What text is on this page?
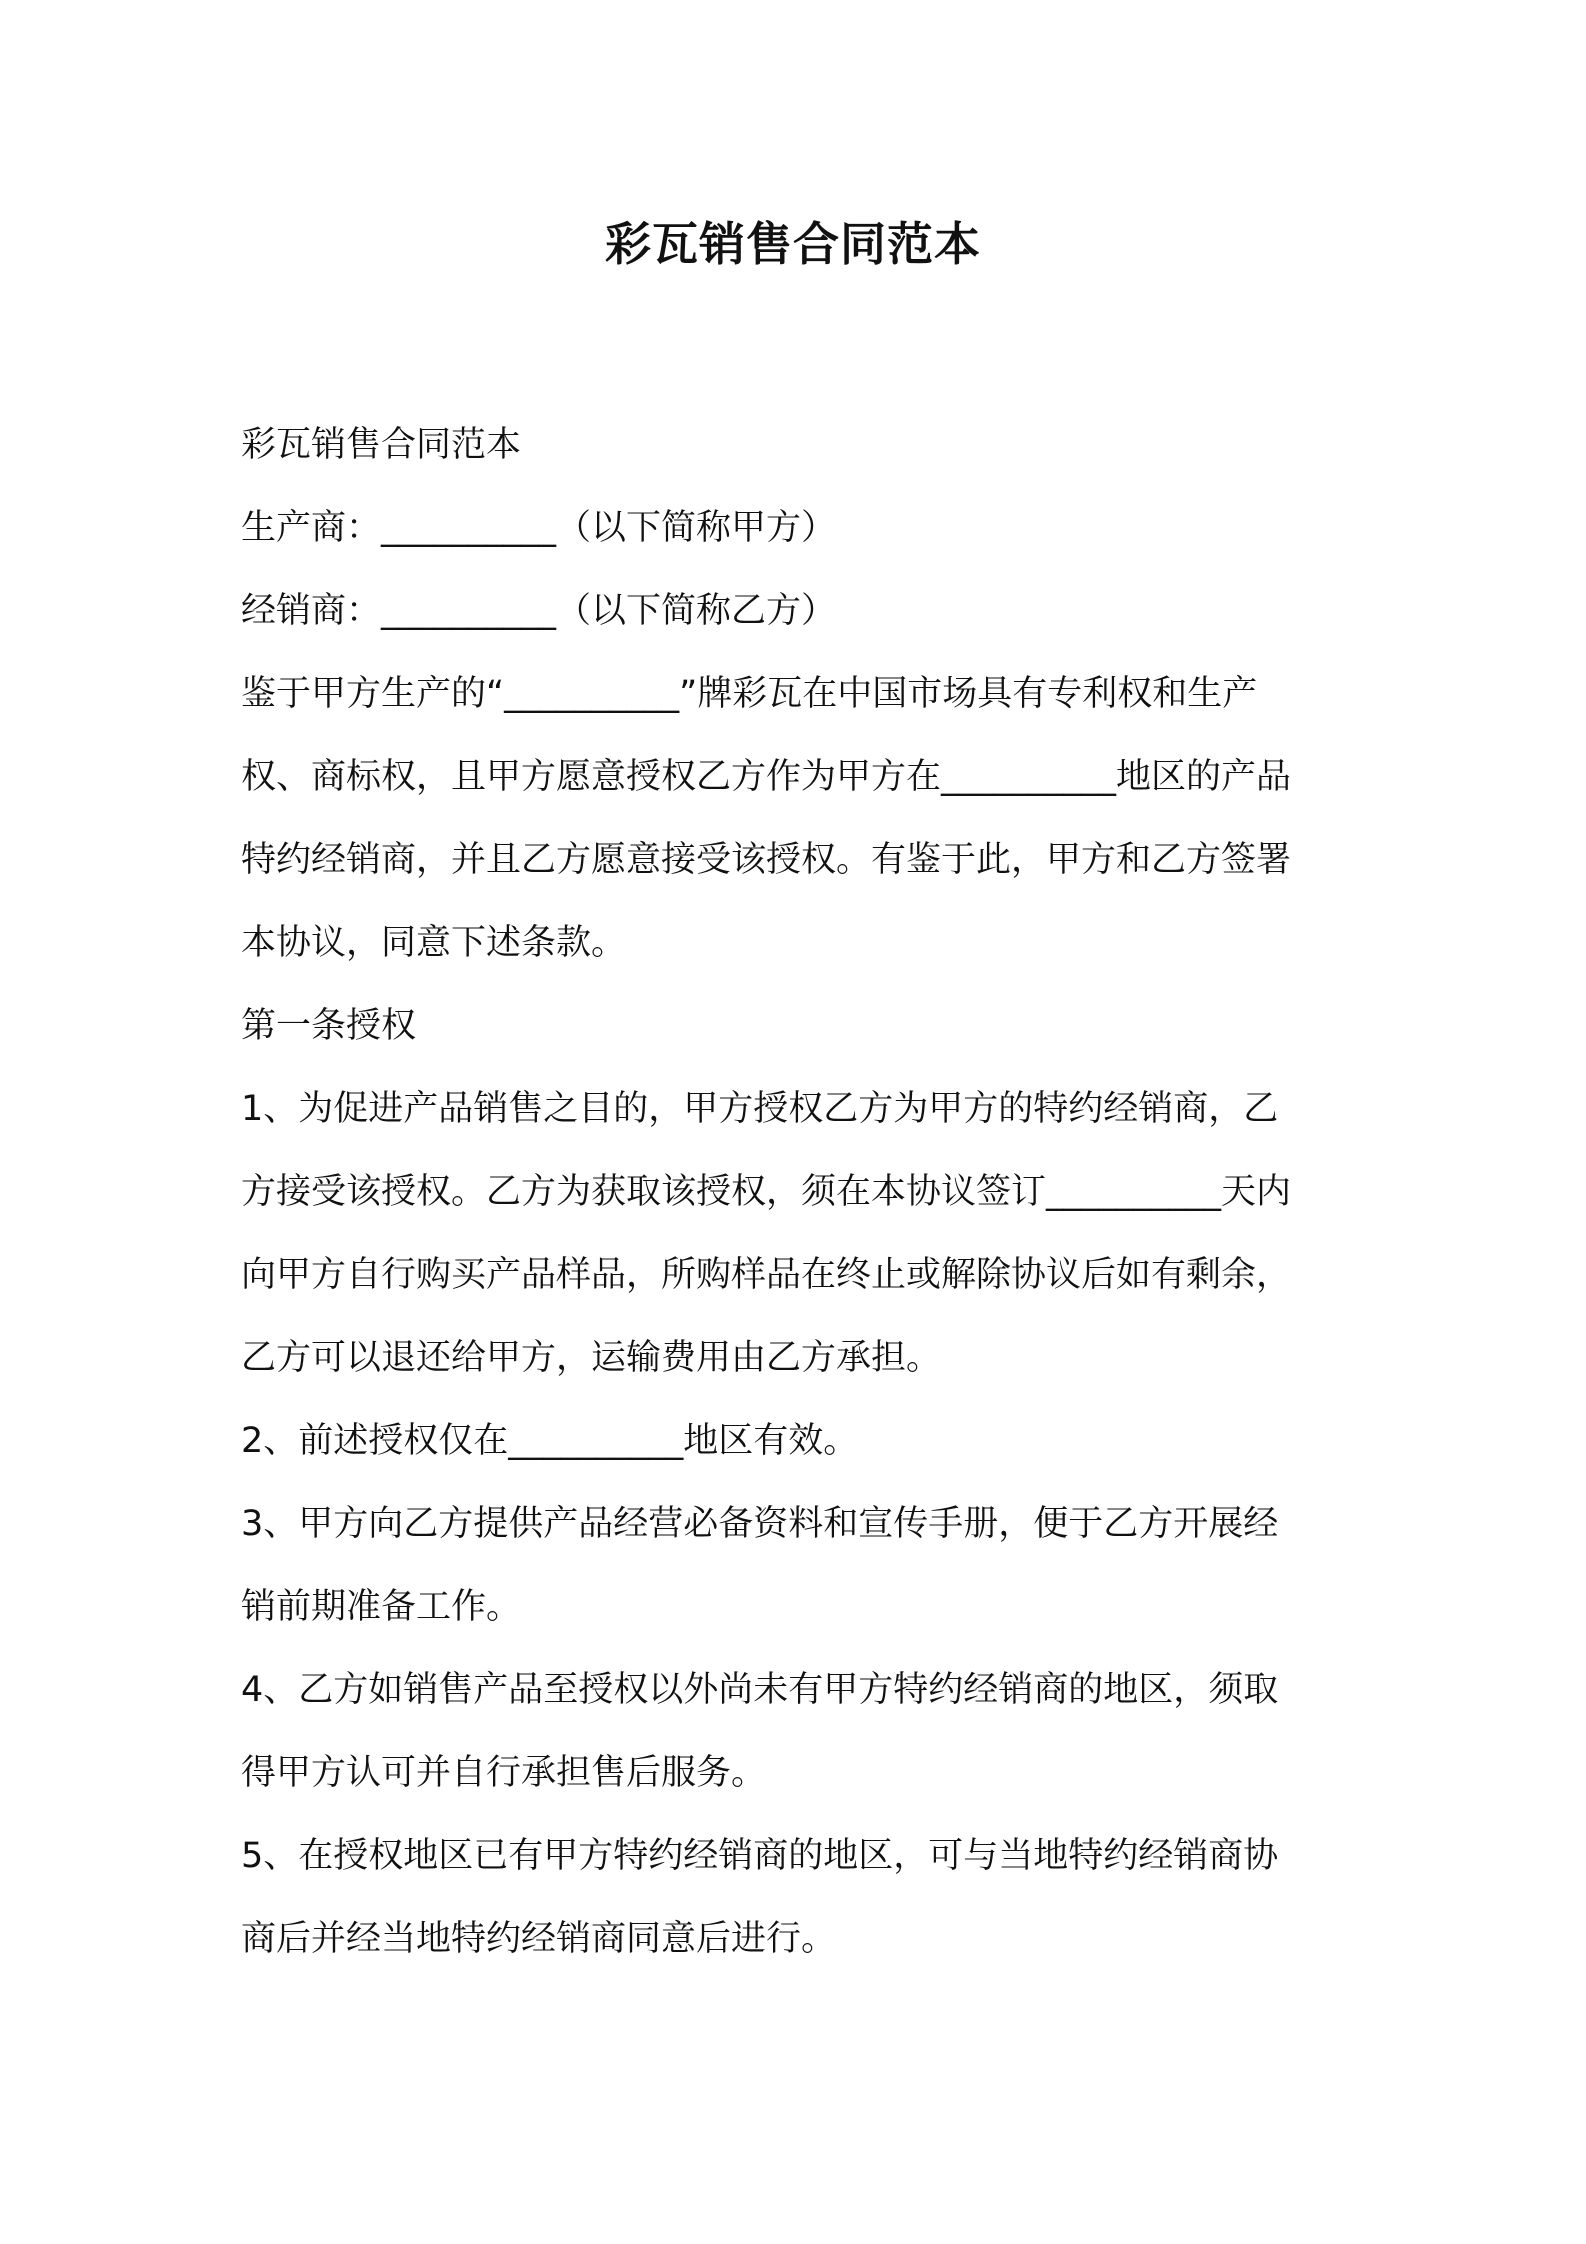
彩瓦销售合同范本
彩瓦销售合同范本
生产商：__________（以下简称甲方）
经销商：__________（以下简称乙方）
鉴于甲方生产的“__________”牌彩瓦在中国市场具有专利权和生产
权、商标权，且甲方愿意授权乙方作为甲方在__________地区的产品
特约经销商，并且乙方愿意接受该授权。有鉴于此，甲方和乙方签署
本协议，同意下述条款。
第一条授权
1、为促进产品销售之目的，甲方授权乙方为甲方的特约经销商，乙
方接受该授权。乙方为获取该授权，须在本协议签订__________天内
向甲方自行购买产品样品，所购样品在终止或解除协议后如有剩余，
乙方可以退还给甲方，运输费用由乙方承担。
2、前述授权仅在__________地区有效。
3、甲方向乙方提供产品经营必备资料和宣传手册，便于乙方开展经
销前期准备工作。
4、乙方如销售产品至授权以外尚未有甲方特约经销商的地区，须取
得甲方认可并自行承担售后服务。
5、在授权地区已有甲方特约经销商的地区，可与当地特约经销商协
商后并经当地特约经销商同意后进行。
